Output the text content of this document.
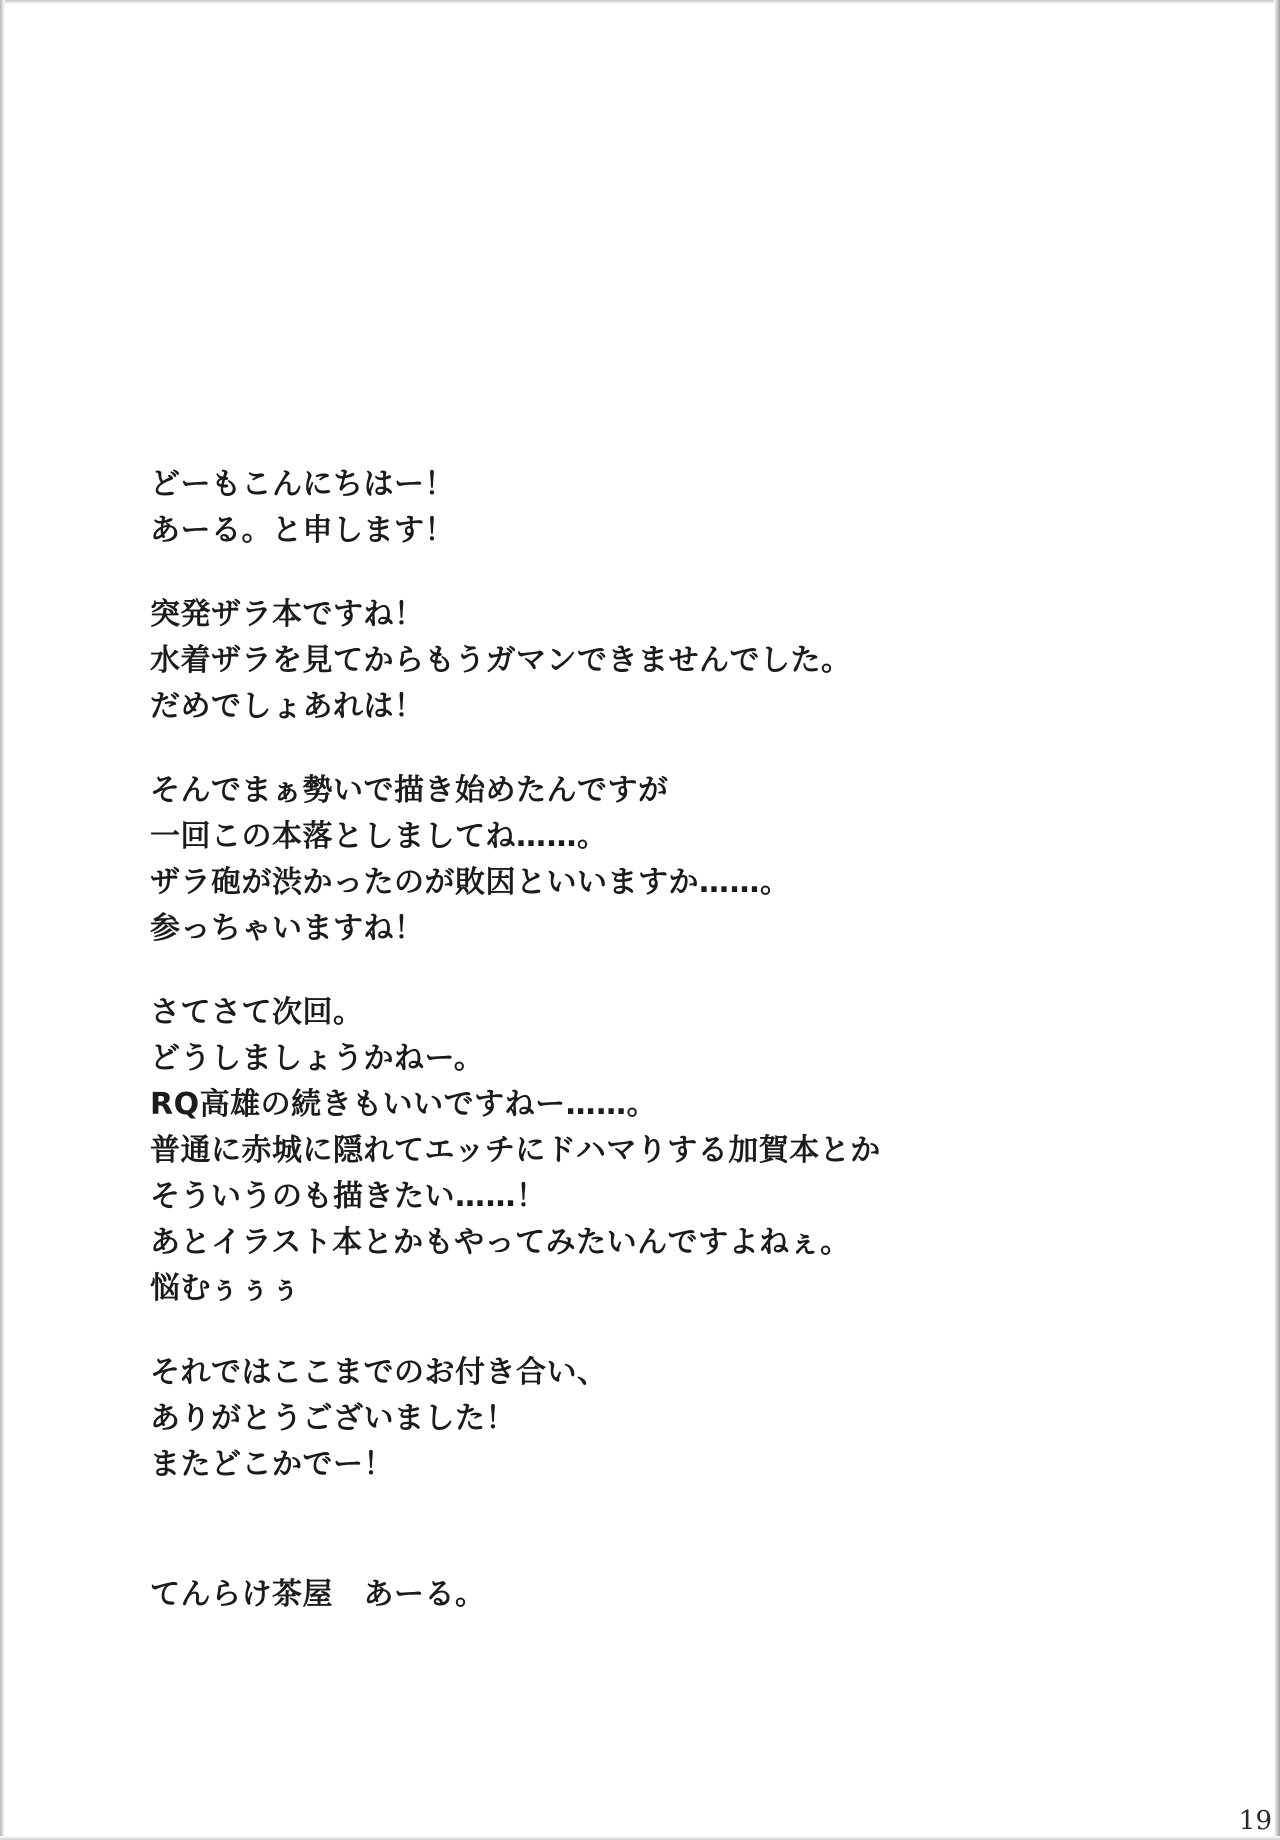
どーもこんにちはー！
あーる。と申します！
突発ザラ本ですね！
水着ザラを見てからもうガマンできませんでした。
だめでしょあれは！
そんでまぁ勢いで描き始めたんですが
一回この本落としましてね……。
ザラ砲が渋かったのが敗因といいますか……。
参っちゃいますね！
さてさて次回。
どうしましょうかねー。
RQ高雄の続きもいいですねー……。
普通に赤城に隠れてエッチにドハマりする加賀本とか
そういうのも描きたい……！
あとイラスト本とかもやってみたいんですよねぇ。
悩むぅぅぅ
それではここまでのお付き合い、
ありがとうございました！
またどこかでー！
てんらけ茶屋　あーる。
19
